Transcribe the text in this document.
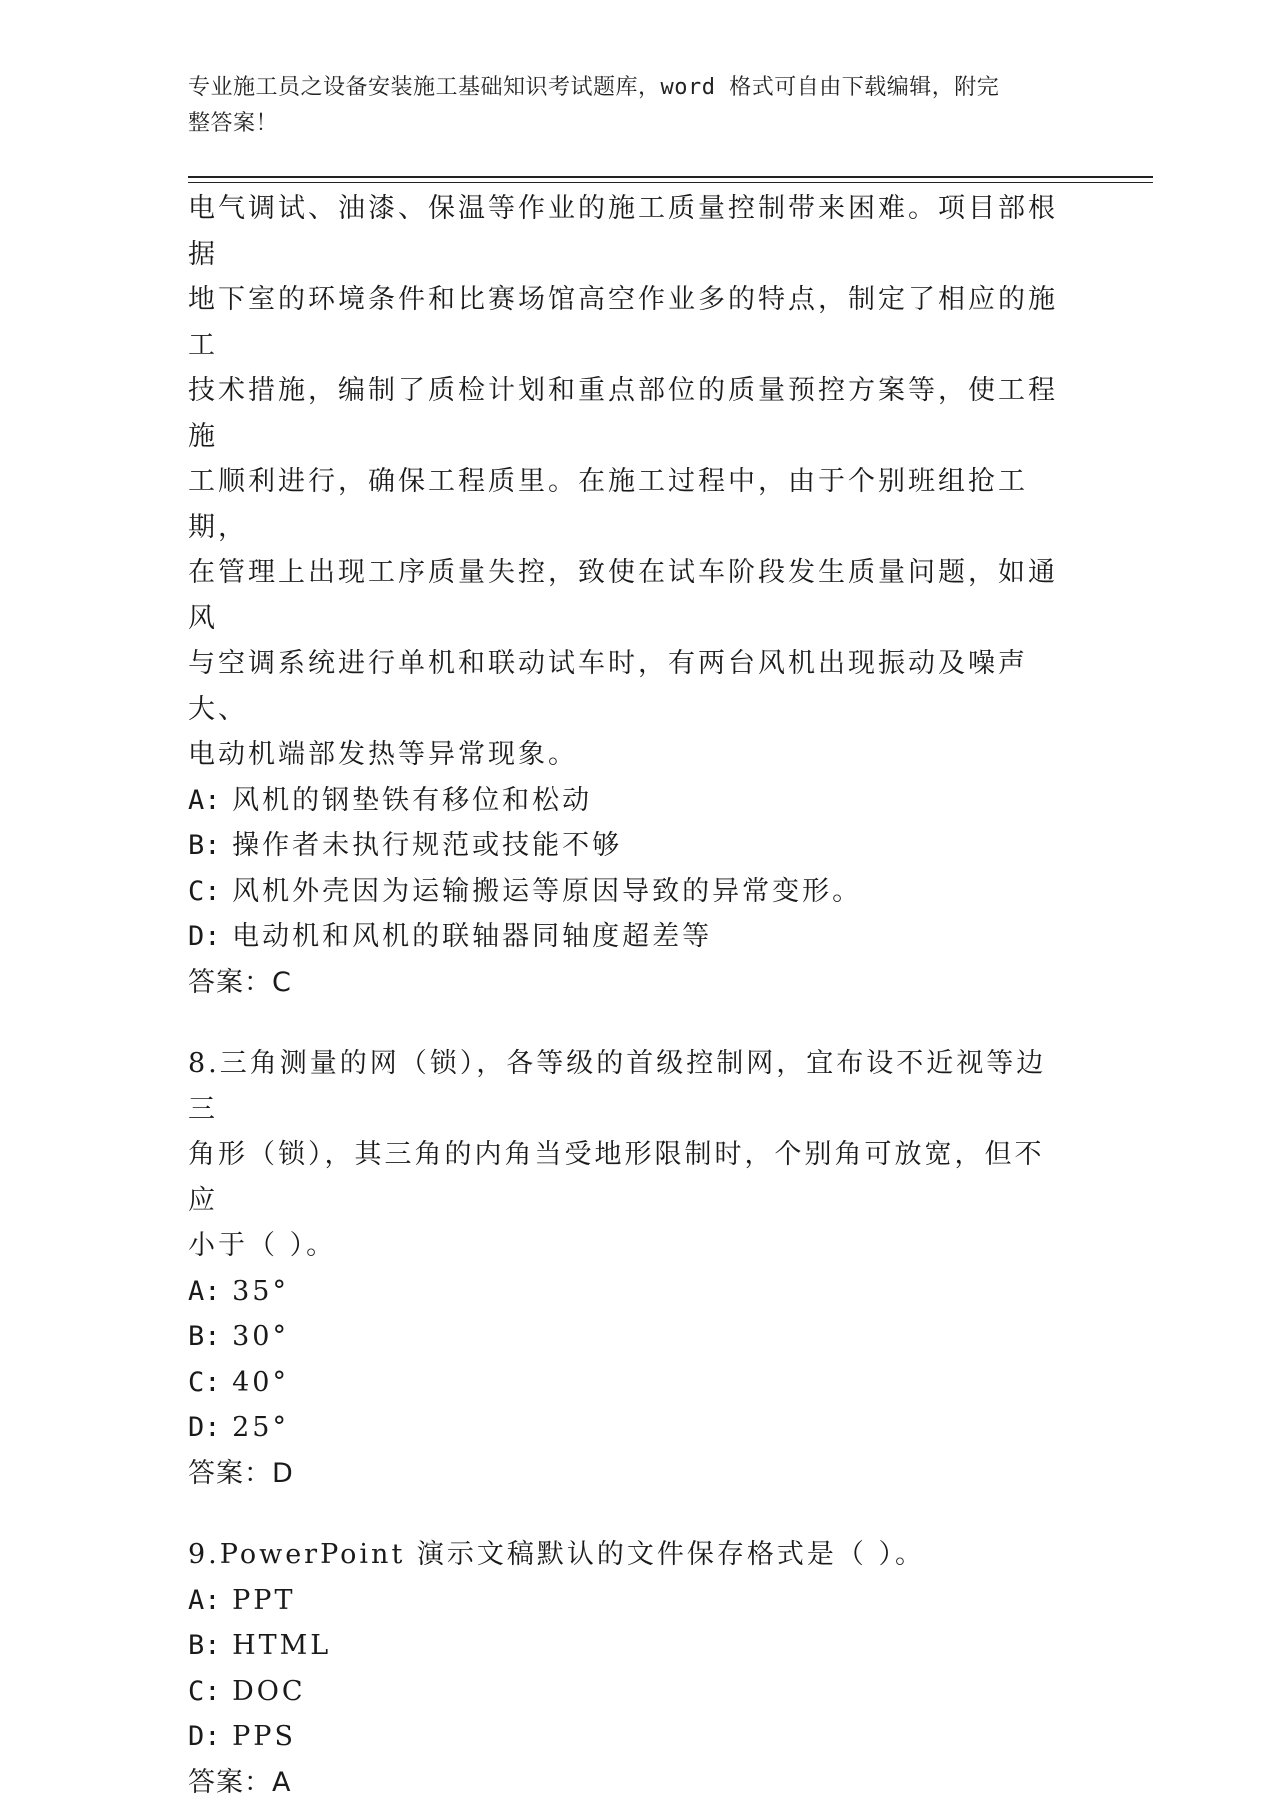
专业施工员之设备安装施工基础知识考试题库，word 格式可自由下载编辑，附完
整答案！
电气调试、油漆、保温等作业的施工质量控制带来困难。项目部根据
地下室的环境条件和比赛场馆高空作业多的特点，制定了相应的施工
技术措施，编制了质检计划和重点部位的质量预控方案等，使工程施
工顺利进行，确保工程质里。在施工过程中，由于个别班组抢工期，
在管理上出现工序质量失控，致使在试车阶段发生质量问题，如通风
与空调系统进行单机和联动试车时，有两台风机出现振动及噪声大、
电动机端部发热等异常现象。
A: 风机的钢垫铁有移位和松动
B: 操作者未执行规范或技能不够
C: 风机外壳因为运输搬运等原因导致的异常变形。
D: 电动机和风机的联轴器同轴度超差等
答案：C
8.三角测量的网（锁），各等级的首级控制网，宜布设不近视等边三
角形（锁），其三角的内角当受地形限制时，个别角可放宽，但不应
小于（ ）。
A: 35°
B: 30°
C: 40°
D: 25°
答案：D
9.PowerPoint 演示文稿默认的文件保存格式是（ ）。
A: PPT
B: HTML
C: DOC
D: PPS
答案：A
